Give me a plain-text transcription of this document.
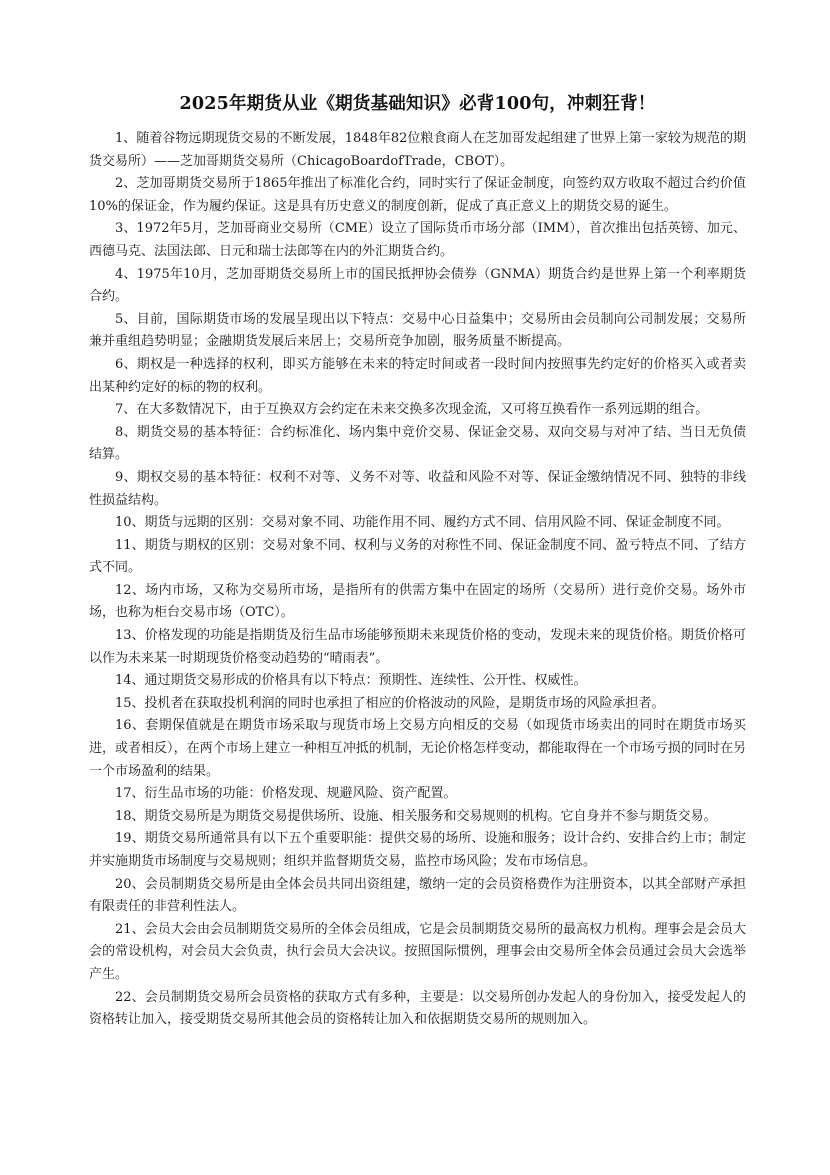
2025年期货从业《期货基础知识》必背100句，冲刺狂背！

1、随着谷物远期现货交易的不断发展，1848年82位粮食商人在芝加哥发起组建了世界上第一家较为规范的期货交易所）——芝加哥期货交易所（ChicagoBoardofTrade，CBOT）。

2、芝加哥期货交易所于1865年推出了标准化合约，同时实行了保证金制度，向签约双方收取不超过合约价值10%的保证金，作为履约保证。这是具有历史意义的制度创新，促成了真正意义上的期货交易的诞生。

3、1972年5月，芝加哥商业交易所（CME）设立了国际货币市场分部（IMM），首次推出包括英镑、加元、西德马克、法国法郎、日元和瑞士法郎等在内的外汇期货合约。

4、1975年10月，芝加哥期货交易所上市的国民抵押协会债券（GNMA）期货合约是世界上第一个利率期货合约。

5、目前，国际期货市场的发展呈现出以下特点：交易中心日益集中；交易所由会员制向公司制发展；交易所兼并重组趋势明显；金融期货发展后来居上；交易所竞争加剧，服务质量不断提高。

6、期权是一种选择的权利，即买方能够在未来的特定时间或者一段时间内按照事先约定好的价格买入或者卖出某种约定好的标的物的权利。

7、在大多数情况下，由于互换双方会约定在未来交换多次现金流，又可将互换看作一系列远期的组合。

8、期货交易的基本特征：合约标准化、场内集中竞价交易、保证金交易、双向交易与对冲了结、当日无负债结算。

9、期权交易的基本特征：权利不对等、义务不对等、收益和风险不对等、保证金缴纳情况不同、独特的非线性损益结构。

10、期货与远期的区别：交易对象不同、功能作用不同、履约方式不同、信用风险不同、保证金制度不同。

11、期货与期权的区别：交易对象不同、权利与义务的对称性不同、保证金制度不同、盈亏特点不同、了结方式不同。

12、场内市场，又称为交易所市场，是指所有的供需方集中在固定的场所（交易所）进行竞价交易。场外市场，也称为柜台交易市场（OTC）。

13、价格发现的功能是指期货及衍生品市场能够预期未来现货价格的变动，发现未来的现货价格。期货价格可以作为未来某一时期现货价格变动趋势的“晴雨表”。

14、通过期货交易形成的价格具有以下特点：预期性、连续性、公开性、权威性。

15、投机者在获取投机利润的同时也承担了相应的价格波动的风险，是期货市场的风险承担者。

16、套期保值就是在期货市场采取与现货市场上交易方向相反的交易（如现货市场卖出的同时在期货市场买进，或者相反），在两个市场上建立一种相互冲抵的机制，无论价格怎样变动，都能取得在一个市场亏损的同时在另一个市场盈利的结果。

17、衍生品市场的功能：价格发现、规避风险、资产配置。

18、期货交易所是为期货交易提供场所、设施、相关服务和交易规则的机构。它自身并不参与期货交易。

19、期货交易所通常具有以下五个重要职能：提供交易的场所、设施和服务；设计合约、安排合约上市；制定并实施期货市场制度与交易规则；组织并监督期货交易，监控市场风险；发布市场信息。

20、会员制期货交易所是由全体会员共同出资组建，缴纳一定的会员资格费作为注册资本，以其全部财产承担有限责任的非营利性法人。

21、会员大会由会员制期货交易所的全体会员组成，它是会员制期货交易所的最高权力机构。理事会是会员大会的常设机构，对会员大会负责，执行会员大会决议。按照国际惯例，理事会由交易所全体会员通过会员大会选举产生。

22、会员制期货交易所会员资格的获取方式有多种，主要是：以交易所创办发起人的身份加入，接受发起人的资格转让加入，接受期货交易所其他会员的资格转让加入和依据期货交易所的规则加入。
